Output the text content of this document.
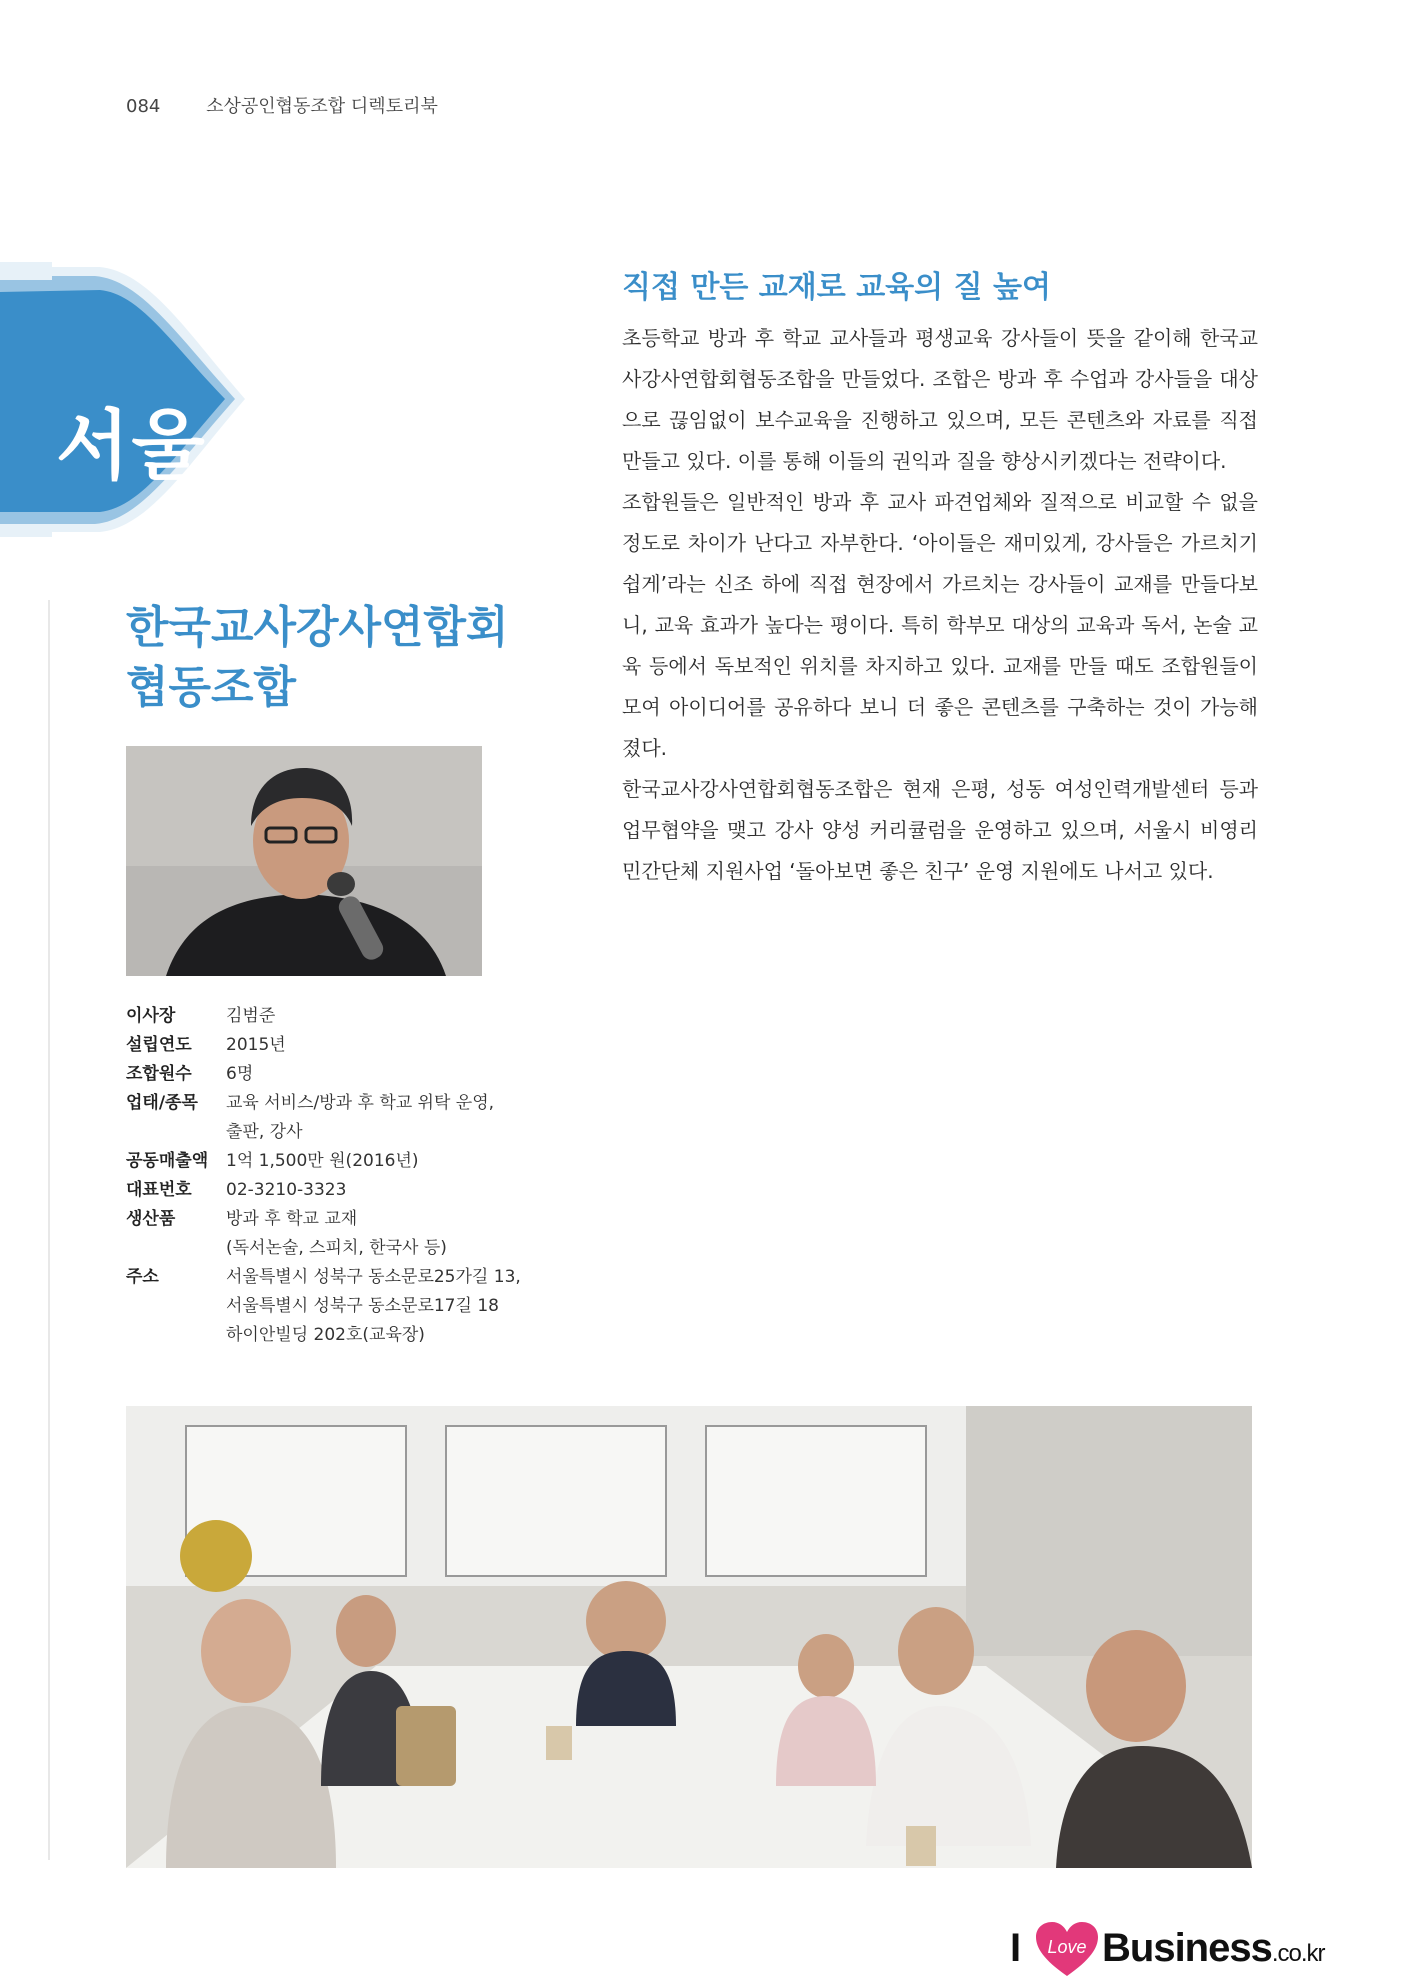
084	소상공인협동조합 디렉토리북
서울
한국교사강사연합회
협동조합
이사장	김범준
설립연도	2015년
조합원수	6명
업태/종목	교육 서비스/방과 후 학교 위탁 운영,
출판, 강사
공동매출액	1억 1,500만 원(2016년)
대표번호	02-3210-3323
생산품	방과 후 학교 교재
(독서논술, 스피치, 한국사 등)
주소	서울특별시 성북구 동소문로25가길 13,
서울특별시 성북구 동소문로17길 18
하이안빌딩 202호(교육장)
직접 만든 교재로 교육의 질 높여

초등학교 방과 후 학교 교사들과 평생교육 강사들이 뜻을 같이해 한국교사강사연합회협동조합을 만들었다. 조합은 방과 후 수업과 강사들을 대상으로 끊임없이 보수교육을 진행하고 있으며, 모든 콘텐츠와 자료를 직접 만들고 있다. 이를 통해 이들의 권익과 질을 향상시키겠다는 전략이다.

조합원들은 일반적인 방과 후 교사 파견업체와 질적으로 비교할 수 없을 정도로 차이가 난다고 자부한다. ‘아이들은 재미있게, 강사들은 가르치기 쉽게’라는 신조 하에 직접 현장에서 가르치는 강사들이 교재를 만들다보니, 교육 효과가 높다는 평이다. 특히 학부모 대상의 교육과 독서, 논술 교육 등에서 독보적인 위치를 차지하고 있다. 교재를 만들 때도 조합원들이 모여 아이디어를 공유하다 보니 더 좋은 콘텐츠를 구축하는 것이 가능해졌다.

한국교사강사연합회협동조합은 현재 은평, 성동 여성인력개발센터 등과 업무협약을 맺고 강사 양성 커리큘럼을 운영하고 있으며, 서울시 비영리 민간단체 지원사업 ‘돌아보면 좋은 친구’ 운영 지원에도 나서고 있다.

I Love Business.co.kr
